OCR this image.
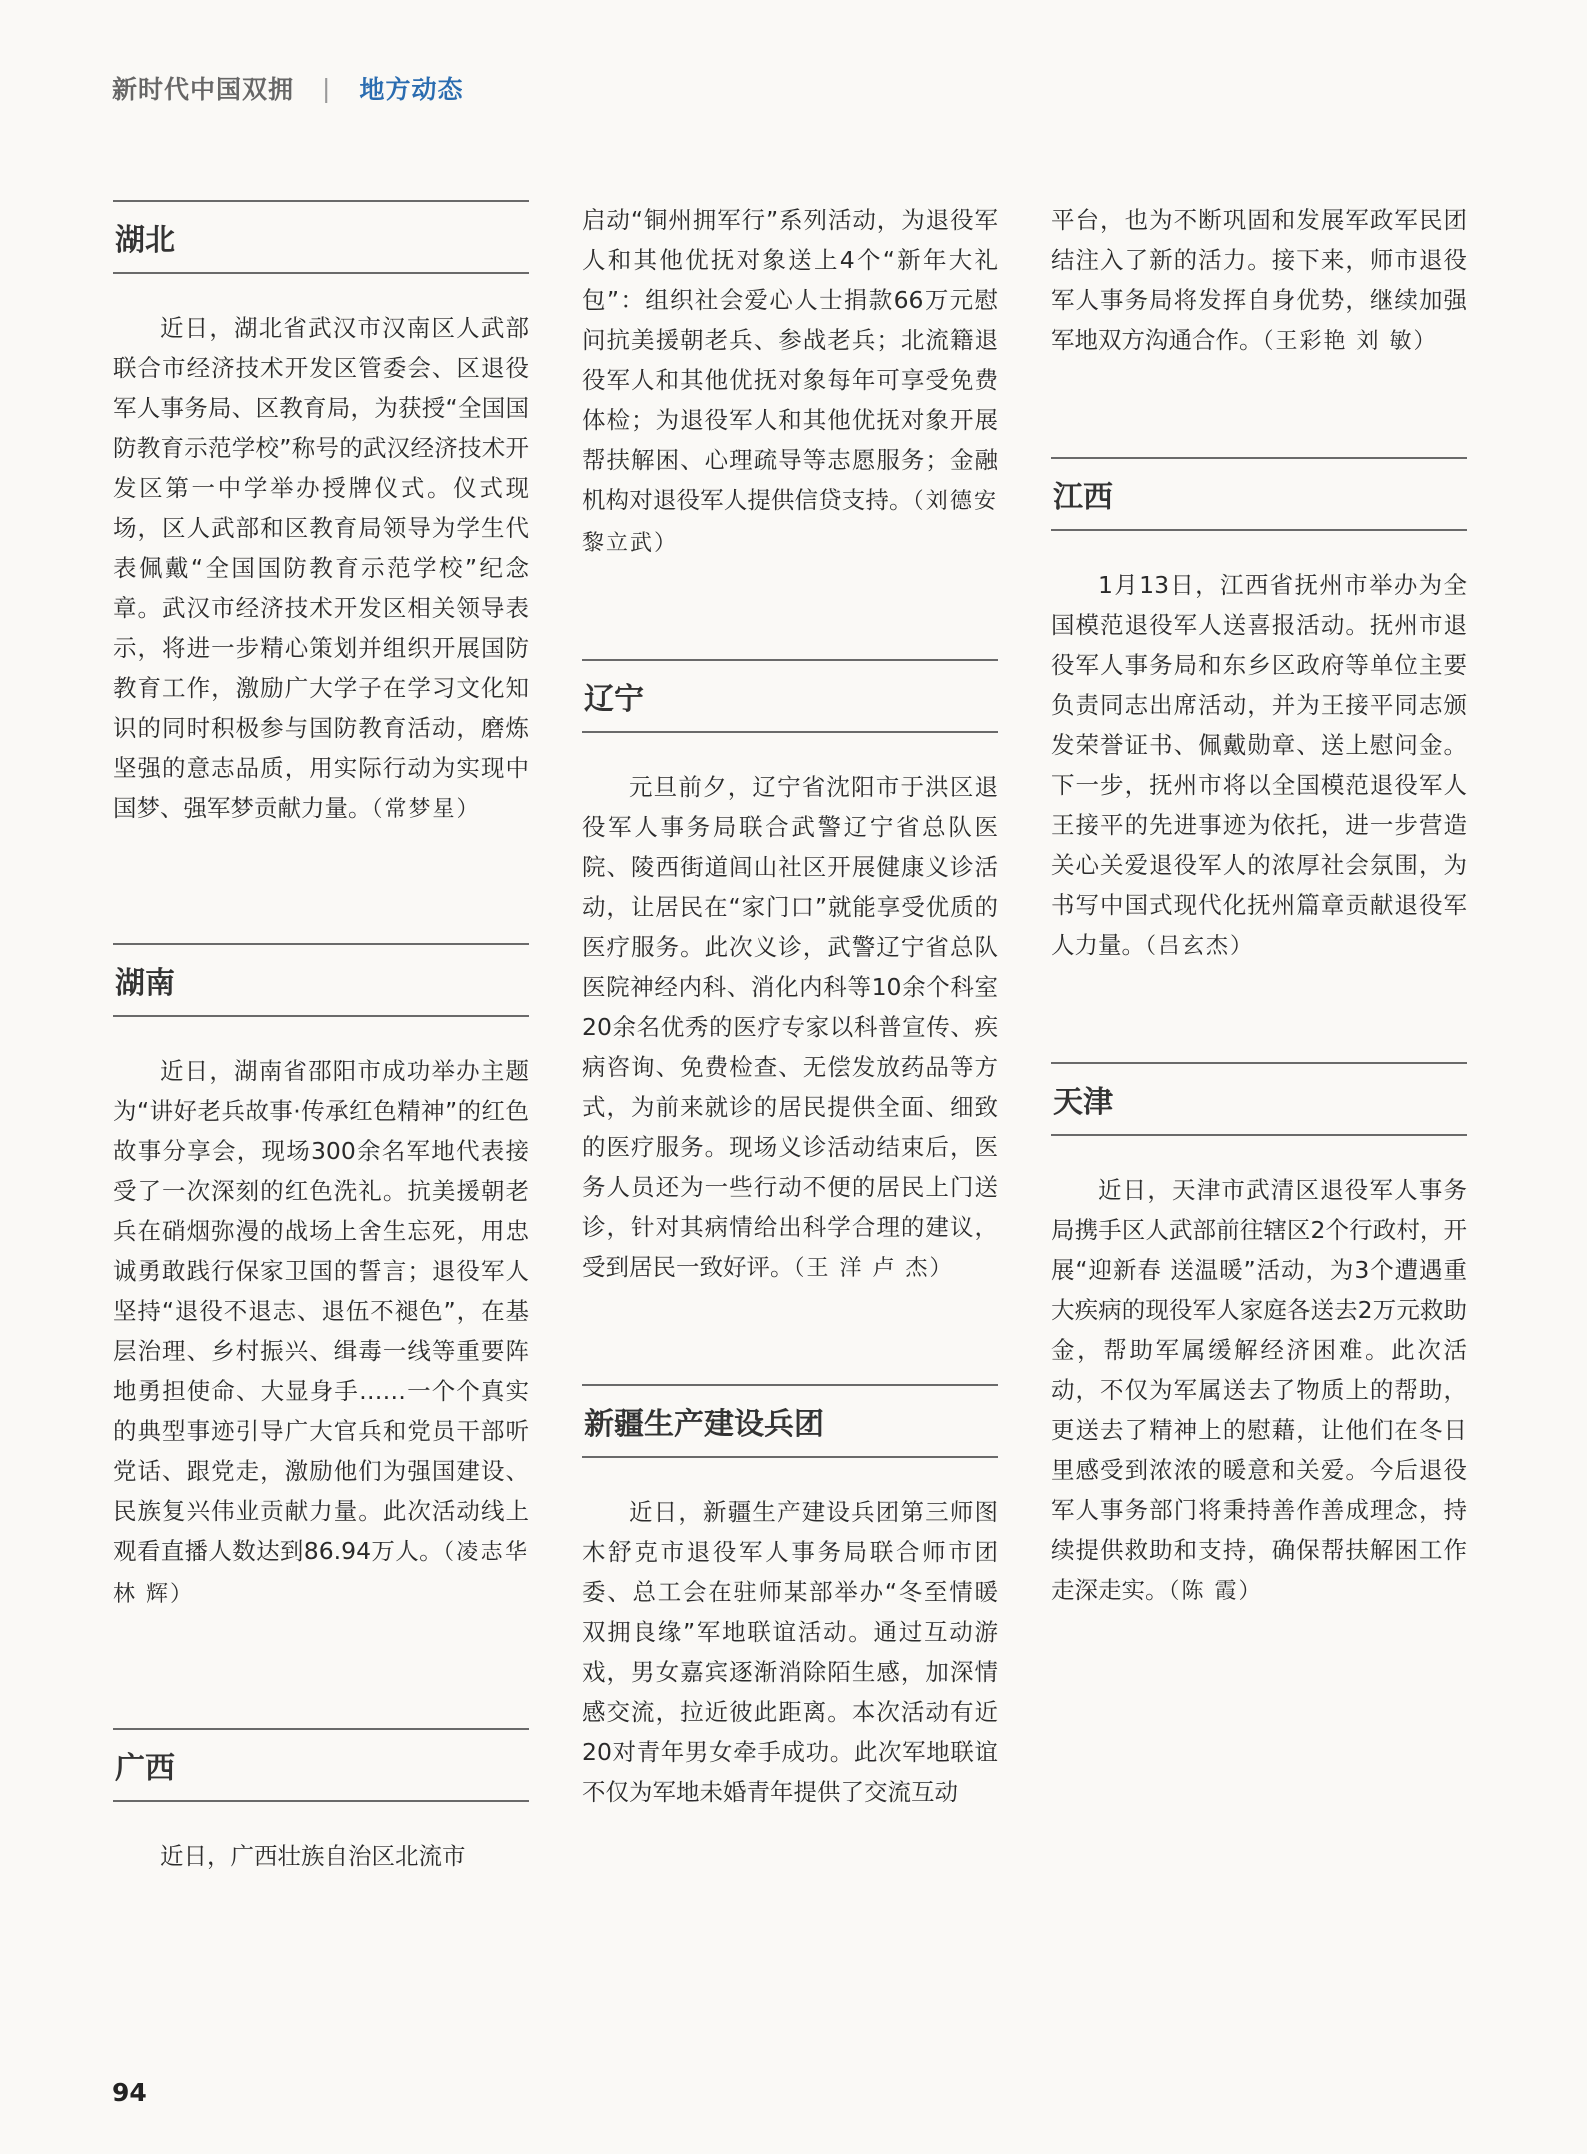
新时代中国双拥 | 地方动态
湖北

近日，湖北省武汉市汉南区人武部联合市经济技术开发区管委会、区退役军人事务局、区教育局，为获授“全国国防教育示范学校”称号的武汉经济技术开发区第一中学举办授牌仪式。仪式现场，区人武部和区教育局领导为学生代表佩戴“全国国防教育示范学校”纪念章。武汉市经济技术开发区相关领导表示，将进一步精心策划并组织开展国防教育工作，激励广大学子在学习文化知识的同时积极参与国防教育活动，磨炼坚强的意志品质，用实际行动为实现中国梦、强军梦贡献力量。（常梦星）

湖南

近日，湖南省邵阳市成功举办主题为“讲好老兵故事·传承红色精神”的红色故事分享会，现场300余名军地代表接受了一次深刻的红色洗礼。抗美援朝老兵在硝烟弥漫的战场上舍生忘死，用忠诚勇敢践行保家卫国的誓言；退役军人坚持“退役不退志、退伍不褪色”，在基层治理、乡村振兴、缉毒一线等重要阵地勇担使命、大显身手……一个个真实的典型事迹引导广大官兵和党员干部听党话、跟党走，激励他们为强国建设、民族复兴伟业贡献力量。此次活动线上观看直播人数达到86.94万人。（凌志华 林 辉）

广西

近日，广西壮族自治区北流市

启动“铜州拥军行”系列活动，为退役军人和其他优抚对象送上4个“新年大礼包”：组织社会爱心人士捐款66万元慰问抗美援朝老兵、参战老兵；北流籍退役军人和其他优抚对象每年可享受免费体检；为退役军人和其他优抚对象开展帮扶解困、心理疏导等志愿服务；金融机构对退役军人提供信贷支持。（刘德安 黎立武）

辽宁

元旦前夕，辽宁省沈阳市于洪区退役军人事务局联合武警辽宁省总队医院、陵西街道闾山社区开展健康义诊活动，让居民在“家门口”就能享受优质的医疗服务。此次义诊，武警辽宁省总队医院神经内科、消化内科等10余个科室20余名优秀的医疗专家以科普宣传、疾病咨询、免费检查、无偿发放药品等方式，为前来就诊的居民提供全面、细致的医疗服务。现场义诊活动结束后，医务人员还为一些行动不便的居民上门送诊，针对其病情给出科学合理的建议，受到居民一致好评。（王 洋 卢 杰）

新疆生产建设兵团

近日，新疆生产建设兵团第三师图木舒克市退役军人事务局联合师市团委、总工会在驻师某部举办“冬至情暖 双拥良缘”军地联谊活动。通过互动游戏，男女嘉宾逐渐消除陌生感，加深情感交流，拉近彼此距离。本次活动有近20对青年男女牵手成功。此次军地联谊不仅为军地未婚青年提供了交流互动

平台，也为不断巩固和发展军政军民团结注入了新的活力。接下来，师市退役军人事务局将发挥自身优势，继续加强军地双方沟通合作。（王彩艳 刘 敏）

江西

1月13日，江西省抚州市举办为全国模范退役军人送喜报活动。抚州市退役军人事务局和东乡区政府等单位主要负责同志出席活动，并为王接平同志颁发荣誉证书、佩戴勋章、送上慰问金。下一步，抚州市将以全国模范退役军人王接平的先进事迹为依托，进一步营造关心关爱退役军人的浓厚社会氛围，为书写中国式现代化抚州篇章贡献退役军人力量。（吕玄杰）

天津

近日，天津市武清区退役军人事务局携手区人武部前往辖区2个行政村，开展“迎新春 送温暖”活动，为3个遭遇重大疾病的现役军人家庭各送去2万元救助金，帮助军属缓解经济困难。此次活动，不仅为军属送去了物质上的帮助，更送去了精神上的慰藉，让他们在冬日里感受到浓浓的暖意和关爱。今后退役军人事务部门将秉持善作善成理念，持续提供救助和支持，确保帮扶解困工作走深走实。（陈 霞）

94
